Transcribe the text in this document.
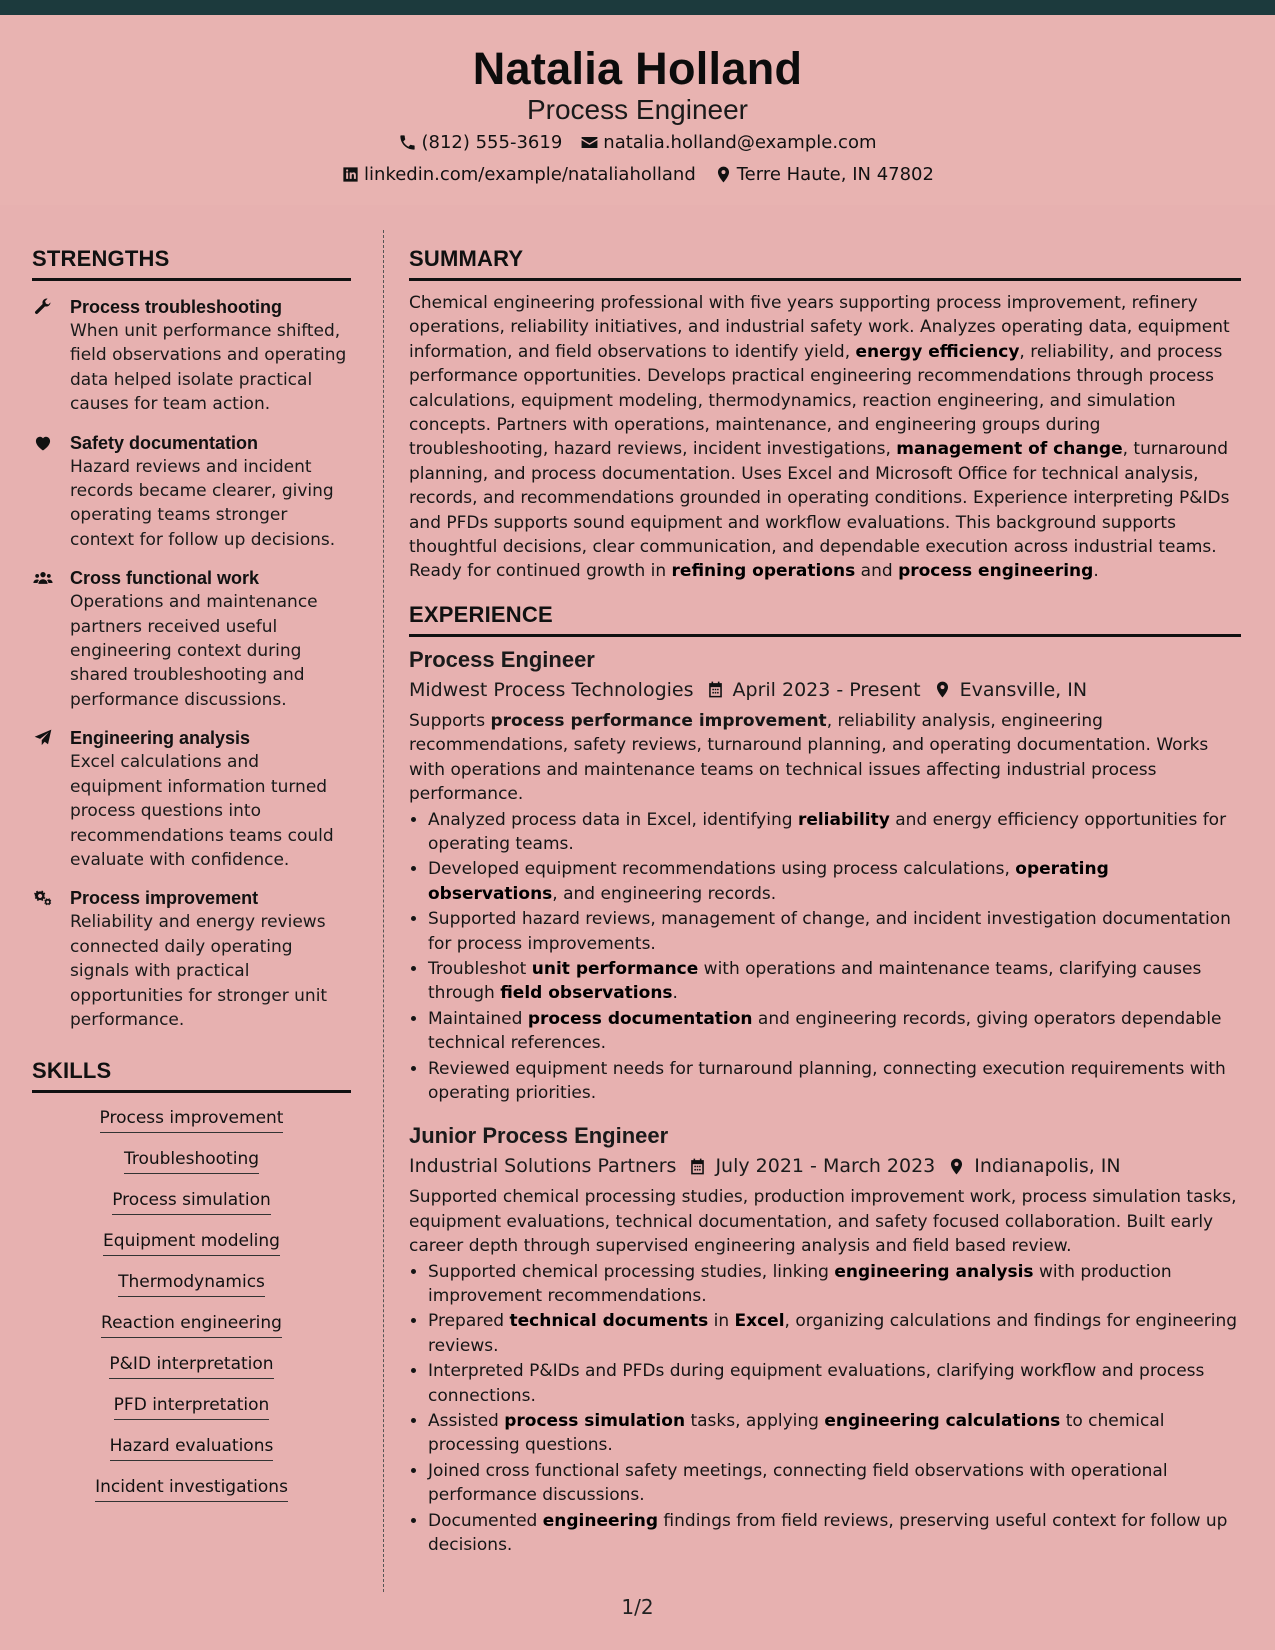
Natalia Holland
Process Engineer
(812) 555-3619 natalia.holland@example.com
linkedin.com/example/nataliaholland Terre Haute, IN 47802
STRENGTHS
Process troubleshooting
When unit performance shifted, field observations and operating data helped isolate practical causes for team action.
Safety documentation
Hazard reviews and incident records became clearer, giving operating teams stronger context for follow up decisions.
Cross functional work
Operations and maintenance partners received useful engineering context during shared troubleshooting and performance discussions.
Engineering analysis
Excel calculations and equipment information turned process questions into recommendations teams could evaluate with confidence.
Process improvement
Reliability and energy reviews connected daily operating signals with practical opportunities for stronger unit performance.
SKILLS
Process improvement
Troubleshooting
Process simulation
Equipment modeling
Thermodynamics
Reaction engineering
P&ID interpretation
PFD interpretation
Hazard evaluations
Incident investigations
SUMMARY
Chemical engineering professional with five years supporting process improvement, refinery operations, reliability initiatives, and industrial safety work. Analyzes operating data, equipment information, and field observations to identify yield, energy efficiency, reliability, and process performance opportunities. Develops practical engineering recommendations through process calculations, equipment modeling, thermodynamics, reaction engineering, and simulation concepts. Partners with operations, maintenance, and engineering groups during troubleshooting, hazard reviews, incident investigations, management of change, turnaround planning, and process documentation. Uses Excel and Microsoft Office for technical analysis, records, and recommendations grounded in operating conditions. Experience interpreting P&IDs and PFDs supports sound equipment and workflow evaluations. This background supports thoughtful decisions, clear communication, and dependable execution across industrial teams. Ready for continued growth in refining operations and process engineering.
EXPERIENCE
Process Engineer
Midwest Process Technologies April 2023 - Present Evansville, IN
Supports process performance improvement, reliability analysis, engineering recommendations, safety reviews, turnaround planning, and operating documentation. Works with operations and maintenance teams on technical issues affecting industrial process performance.
• Analyzed process data in Excel, identifying reliability and energy efficiency opportunities for operating teams.
• Developed equipment recommendations using process calculations, operating observations, and engineering records.
• Supported hazard reviews, management of change, and incident investigation documentation for process improvements.
• Troubleshot unit performance with operations and maintenance teams, clarifying causes through field observations.
• Maintained process documentation and engineering records, giving operators dependable technical references.
• Reviewed equipment needs for turnaround planning, connecting execution requirements with operating priorities.
Junior Process Engineer
Industrial Solutions Partners July 2021 - March 2023 Indianapolis, IN
Supported chemical processing studies, production improvement work, process simulation tasks, equipment evaluations, technical documentation, and safety focused collaboration. Built early career depth through supervised engineering analysis and field based review.
• Supported chemical processing studies, linking engineering analysis with production improvement recommendations.
• Prepared technical documents in Excel, organizing calculations and findings for engineering reviews.
• Interpreted P&IDs and PFDs during equipment evaluations, clarifying workflow and process connections.
• Assisted process simulation tasks, applying engineering calculations to chemical processing questions.
• Joined cross functional safety meetings, connecting field observations with operational performance discussions.
• Documented engineering findings from field reviews, preserving useful context for follow up decisions.
1/2
